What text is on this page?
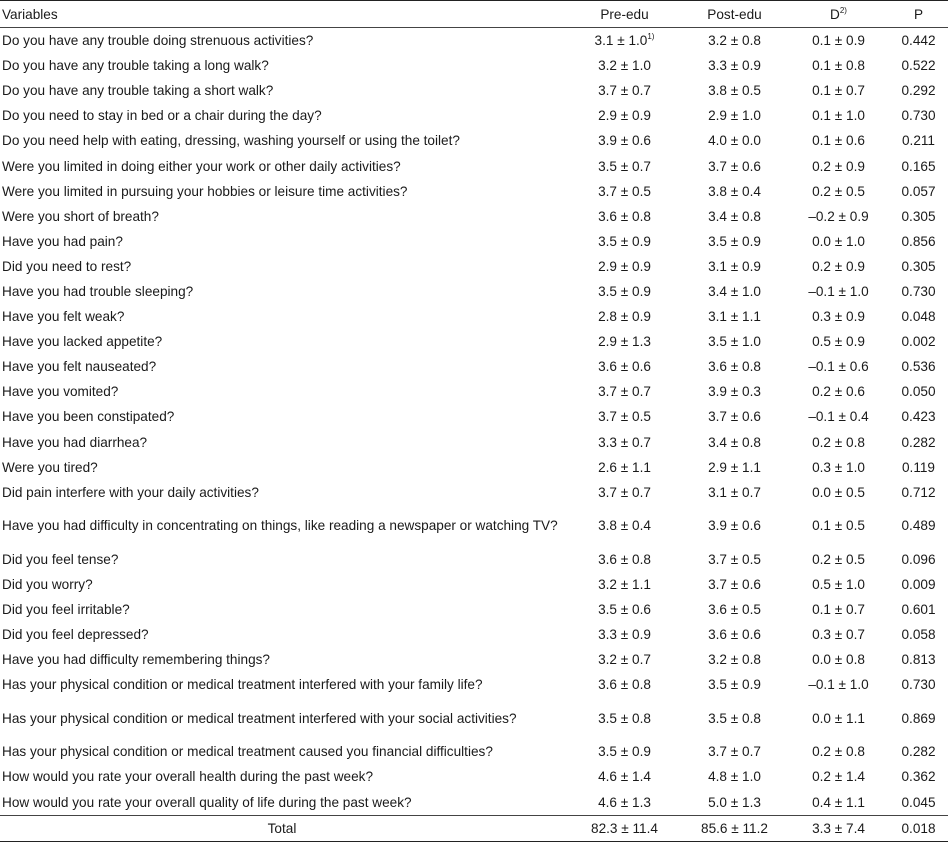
Variables	Pre-edu	Post-edu	$D^{2)}$	P
Do you have any trouble doing strenuous activities?	$3.1 \pm 1.0^{1)}$	3.2 ± 0.8	0.1 ± 0.9	0.442
Do you have any trouble taking a long walk?	3.2 ± 1.0	3.3 ± 0.9	0.1 ± 0.8	0.522
Do you have any trouble taking a short walk?	3.7 ± 0.7	3.8 ± 0.5	0.1 ± 0.7	0.292
Do you need to stay in bed or a chair during the day?	2.9 ± 0.9	2.9 ± 1.0	0.1 ± 1.0	0.730
Do you need help with eating, dressing, washing yourself or using the toilet?	3.9 ± 0.6	4.0 ± 0.0	0.1 ± 0.6	0.211
Were you limited in doing either your work or other daily activities?	3.5 ± 0.7	3.7 ± 0.6	0.2 ± 0.9	0.165
Were you limited in pursuing your hobbies or leisure time activities?	3.7 ± 0.5	3.8 ± 0.4	0.2 ± 0.5	0.057
Were you short of breath?	3.6 ± 0.8	3.4 ± 0.8	–0.2 ± 0.9	0.305
Have you had pain?	3.5 ± 0.9	3.5 ± 0.9	0.0 ± 1.0	0.856
Did you need to rest?	2.9 ± 0.9	3.1 ± 0.9	0.2 ± 0.9	0.305
Have you had trouble sleeping?	3.5 ± 0.9	3.4 ± 1.0	–0.1 ± 1.0	0.730
Have you felt weak?	2.8 ± 0.9	3.1 ± 1.1	0.3 ± 0.9	0.048
Have you lacked appetite?	2.9 ± 1.3	3.5 ± 1.0	0.5 ± 0.9	0.002
Have you felt nauseated?	3.6 ± 0.6	3.6 ± 0.8	–0.1 ± 0.6	0.536
Have you vomited?	3.7 ± 0.7	3.9 ± 0.3	0.2 ± 0.6	0.050
Have you been constipated?	3.7 ± 0.5	3.7 ± 0.6	–0.1 ± 0.4	0.423
Have you had diarrhea?	3.3 ± 0.7	3.4 ± 0.8	0.2 ± 0.8	0.282
Were you tired?	2.6 ± 1.1	2.9 ± 1.1	0.3 ± 1.0	0.119
Did pain interfere with your daily activities?	3.7 ± 0.7	3.1 ± 0.7	0.0 ± 0.5	0.712
Have you had difficulty in concentrating on things, like reading a newspaper or watching TV?	3.8 ± 0.4	3.9 ± 0.6	0.1 ± 0.5	0.489
Did you feel tense?	3.6 ± 0.8	3.7 ± 0.5	0.2 ± 0.5	0.096
Did you worry?	3.2 ± 1.1	3.7 ± 0.6	0.5 ± 1.0	0.009
Did you feel irritable?	3.5 ± 0.6	3.6 ± 0.5	0.1 ± 0.7	0.601
Did you feel depressed?	3.3 ± 0.9	3.6 ± 0.6	0.3 ± 0.7	0.058
Have you had difficulty remembering things?	3.2 ± 0.7	3.2 ± 0.8	0.0 ± 0.8	0.813
Has your physical condition or medical treatment interfered with your family life?	3.6 ± 0.8	3.5 ± 0.9	–0.1 ± 1.0	0.730
Has your physical condition or medical treatment interfered with your social activities?	3.5 ± 0.8	3.5 ± 0.8	0.0 ± 1.1	0.869
Has your physical condition or medical treatment caused you financial difficulties?	3.5 ± 0.9	3.7 ± 0.7	0.2 ± 0.8	0.282
How would you rate your overall health during the past week?	4.6 ± 1.4	4.8 ± 1.0	0.2 ± 1.4	0.362
How would you rate your overall quality of life during the past week?	4.6 ± 1.3	5.0 ± 1.3	0.4 ± 1.1	0.045
Total	82.3 ± 11.4	85.6 ± 11.2	3.3 ± 7.4	0.018
